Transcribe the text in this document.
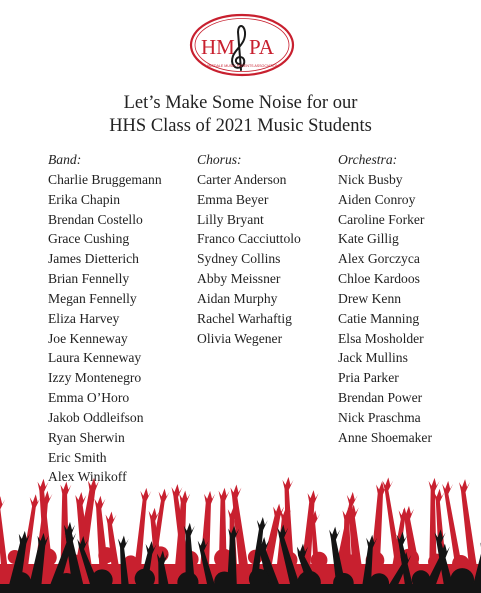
HM PA
HINSDALE MUSIC PARENTS ASSOCIATION
Let’s Make Some Noise for our
HHS Class of 2021 Music Students
Band:
Charlie Bruggemann
Erika Chapin
Brendan Costello
Grace Cushing
James Dietterich
Brian Fennelly
Megan Fennelly
Eliza Harvey
Joe Kenneway
Laura Kenneway
Izzy Montenegro
Emma O’Horo
Jakob Oddleifson
Ryan Sherwin
Eric Smith
Alex Winikoff
Chorus:
Carter Anderson
Emma Beyer
Lilly Bryant
Franco Cacciuttolo
Sydney Collins
Abby Meissner
Aidan Murphy
Rachel Warhaftig
Olivia Wegener
Orchestra:
Nick Busby
Aiden Conroy
Caroline Forker
Kate Gillig
Alex Gorczyca
Chloe Kardoos
Drew Kenn
Catie Manning
Elsa Mosholder
Jack Mullins
Pria Parker
Brendan Power
Nick Praschma
Anne Shoemaker
